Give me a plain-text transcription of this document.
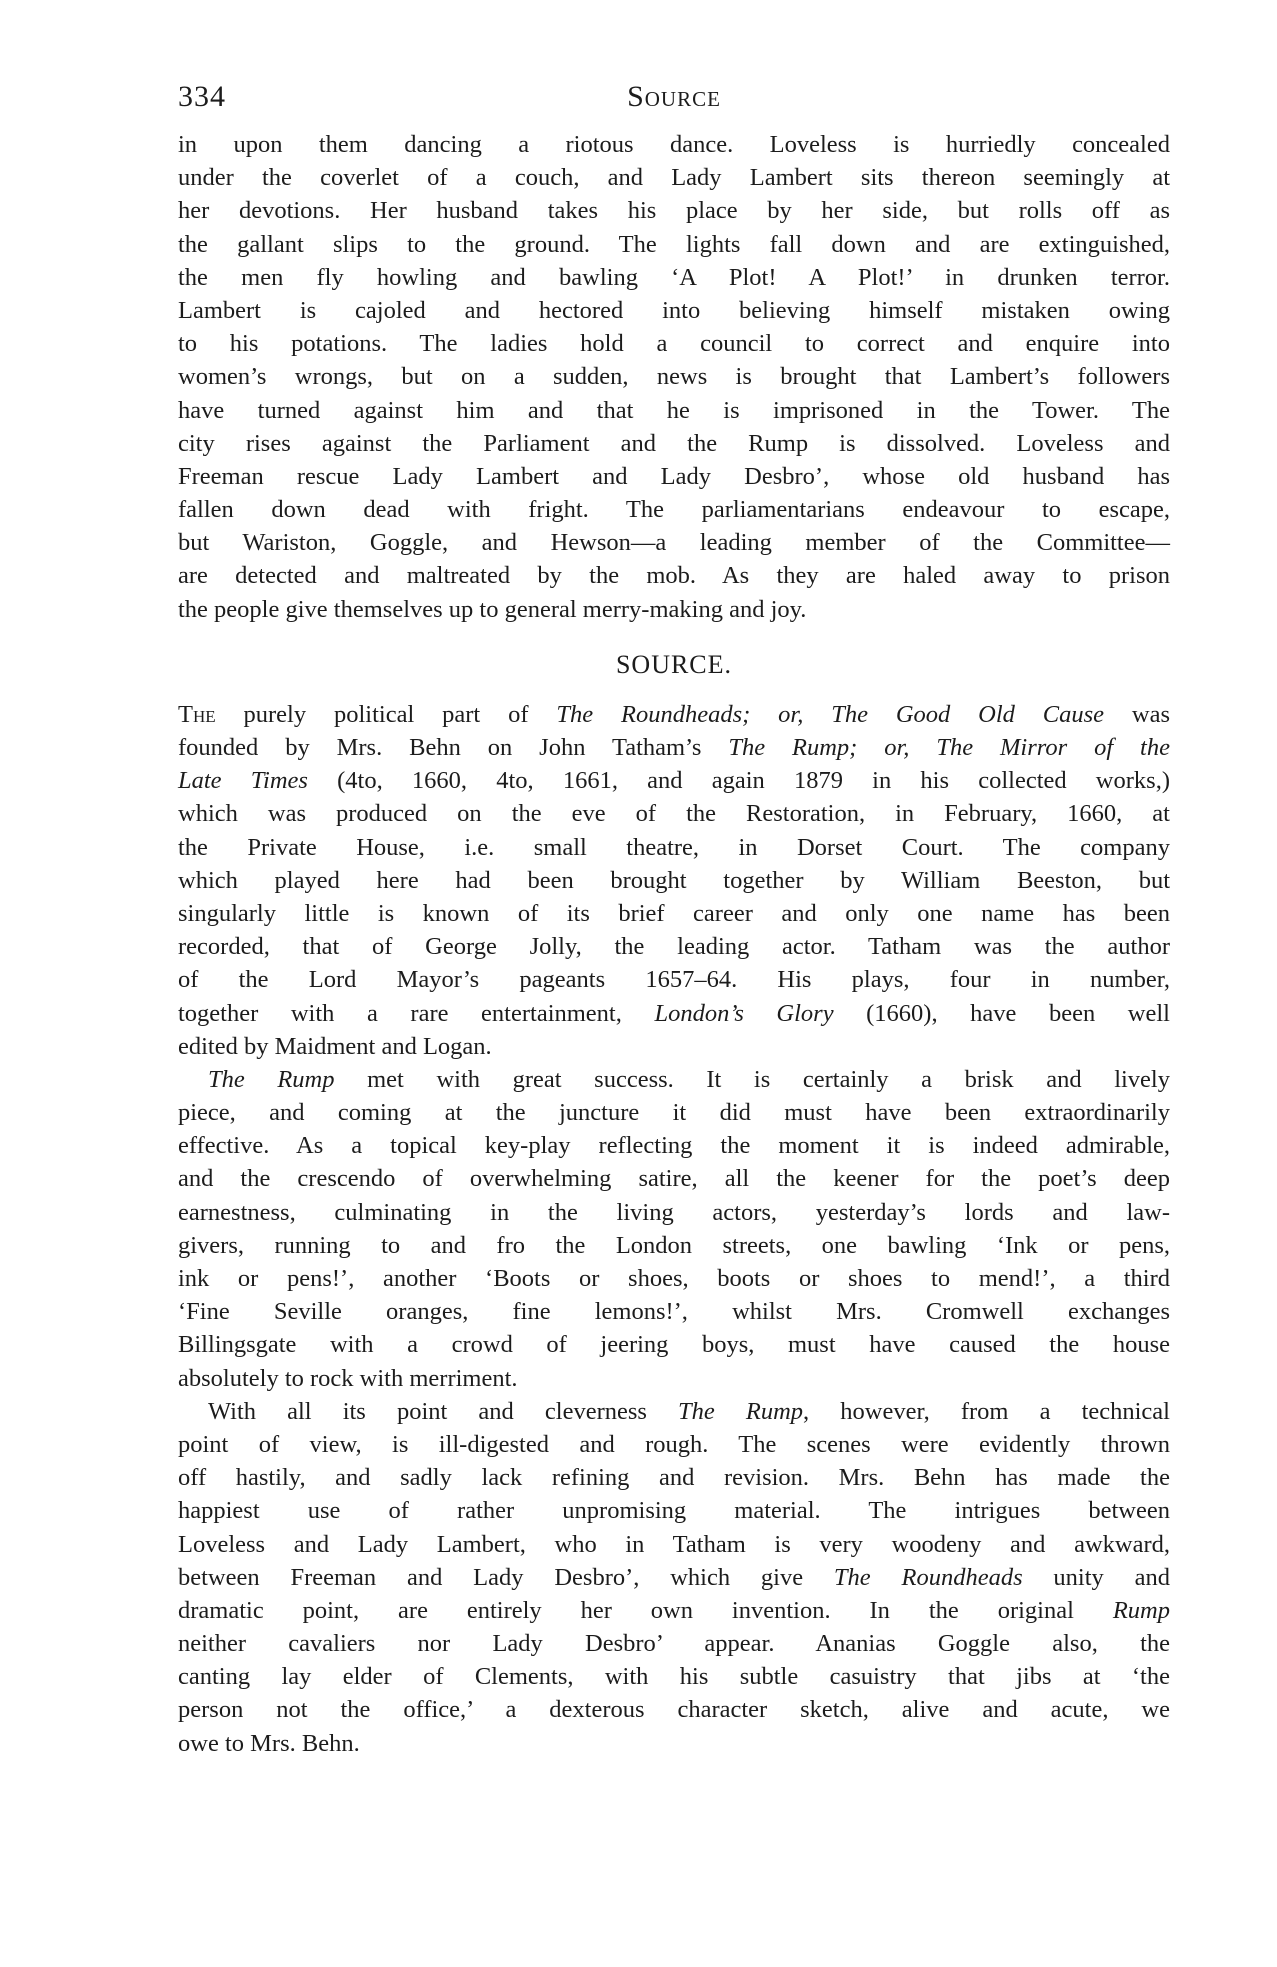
334	Source
in upon them dancing a riotous dance. Loveless is hurriedly concealed
under the coverlet of a couch, and Lady Lambert sits thereon seemingly at
her devotions. Her husband takes his place by her side, but rolls off as
the gallant slips to the ground. The lights fall down and are extinguished,
the men fly howling and bawling ‘A Plot! A Plot!’ in drunken terror.
Lambert is cajoled and hectored into believing himself mistaken owing
to his potations. The ladies hold a council to correct and enquire into
women’s wrongs, but on a sudden, news is brought that Lambert’s followers
have turned against him and that he is imprisoned in the Tower. The
city rises against the Parliament and the Rump is dissolved. Loveless and
Freeman rescue Lady Lambert and Lady Desbro’, whose old husband has
fallen down dead with fright. The parliamentarians endeavour to escape,
but Wariston, Goggle, and Hewson—a leading member of the Committee—
are detected and maltreated by the mob. As they are haled away to prison
the people give themselves up to general merry-making and joy.
SOURCE.
The purely political part of The Roundheads; or, The Good Old Cause was
founded by Mrs. Behn on John Tatham’s The Rump; or, The Mirror of the
Late Times (4to, 1660, 4to, 1661, and again 1879 in his collected works,)
which was produced on the eve of the Restoration, in February, 1660, at
the Private House, i.e. small theatre, in Dorset Court. The company
which played here had been brought together by William Beeston, but
singularly little is known of its brief career and only one name has been
recorded, that of George Jolly, the leading actor. Tatham was the author
of the Lord Mayor’s pageants 1657–64. His plays, four in number,
together with a rare entertainment, London’s Glory (1660), have been well
edited by Maidment and Logan.
The Rump met with great success. It is certainly a brisk and lively
piece, and coming at the juncture it did must have been extraordinarily
effective. As a topical key-play reflecting the moment it is indeed admirable,
and the crescendo of overwhelming satire, all the keener for the poet’s deep
earnestness, culminating in the living actors, yesterday’s lords and law-
givers, running to and fro the London streets, one bawling ‘Ink or pens,
ink or pens!’, another ‘Boots or shoes, boots or shoes to mend!’, a third
‘Fine Seville oranges, fine lemons!’, whilst Mrs. Cromwell exchanges
Billingsgate with a crowd of jeering boys, must have caused the house
absolutely to rock with merriment.
With all its point and cleverness The Rump, however, from a technical
point of view, is ill-digested and rough. The scenes were evidently thrown
off hastily, and sadly lack refining and revision. Mrs. Behn has made the
happiest use of rather unpromising material. The intrigues between
Loveless and Lady Lambert, who in Tatham is very woodeny and awkward,
between Freeman and Lady Desbro’, which give The Roundheads unity and
dramatic point, are entirely her own invention. In the original Rump
neither cavaliers nor Lady Desbro’ appear. Ananias Goggle also, the
canting lay elder of Clements, with his subtle casuistry that jibs at ‘the
person not the office,’ a dexterous character sketch, alive and acute, we
owe to Mrs. Behn.
